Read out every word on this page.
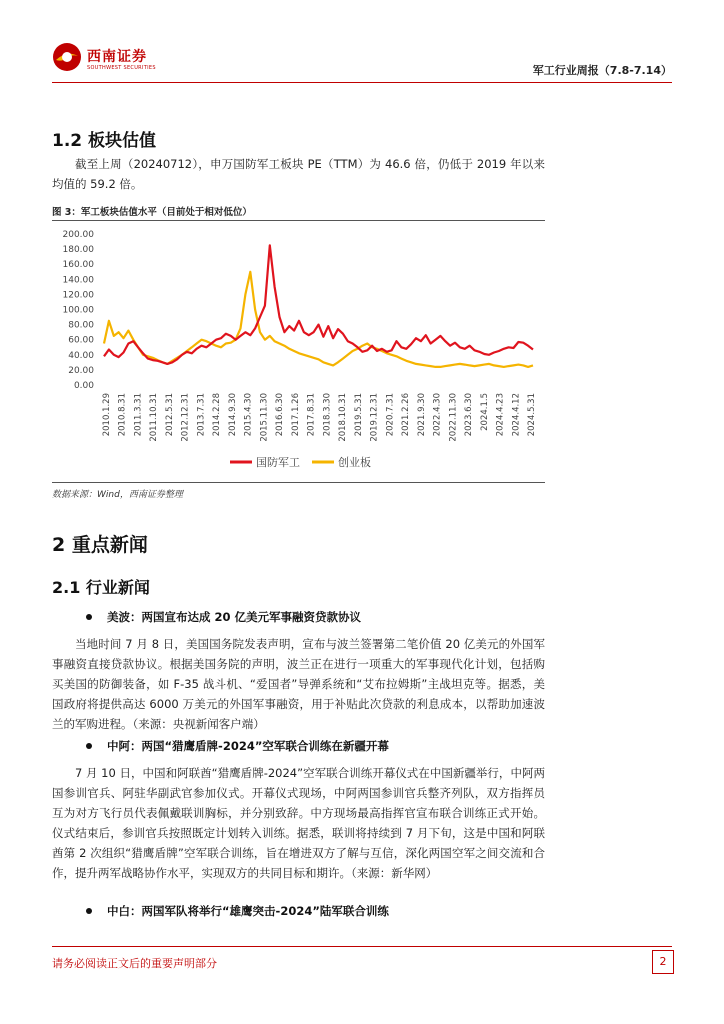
西南证券
SOUTHWEST SECURITIES	军工行业周报（7.8-7.14）
1.2 板块估值
截至上周（20240712），申万国防军工板块 PE（TTM）为 46.6 倍，仍低于 2019 年以来均值的 59.2 倍。
图 3：军工板块估值水平（目前处于相对低位）
200.00
180.00
160.00
140.00
120.00
100.00
80.00
60.00
40.00
20.00
0.00
2010.1.29 2010.8.31 2011.3.31 2011.10.31 2012.5.31 2012.12.31 2013.7.31 2014.2.28 2014.9.30 2015.4.30 2015.11.30 2016.6.30 2017.1.26 2017.8.31 2018.3.30 2018.10.31 2019.5.31 2019.12.31 2020.7.31 2021.2.26 2021.9.30 2022.4.30 2022.11.30 2023.6.30 2024.1.5 2024.4.23 2024.4.12 2024.5.31
国防军工	创业板
数据来源：Wind，西南证券整理
2 重点新闻
2.1 行业新闻
美波：两国宣布达成 20 亿美元军事融资贷款协议
当地时间 7 月 8 日，美国国务院发表声明，宣布与波兰签署第二笔价值 20 亿美元的外国军事融资直接贷款协议。根据美国务院的声明，波兰正在进行一项重大的军事现代化计划，包括购买美国的防御装备，如 F-35 战斗机、“爱国者”导弹系统和“艾布拉姆斯”主战坦克等。据悉，美国政府将提供高达 6000 万美元的外国军事融资，用于补贴此次贷款的利息成本，以帮助加速波兰的军购进程。（来源：央视新闻客户端）
中阿：两国“猎鹰盾牌-2024”空军联合训练在新疆开幕
7 月 10 日，中国和阿联酋“猎鹰盾牌-2024”空军联合训练开幕仪式在中国新疆举行，中阿两国参训官兵、阿驻华副武官参加仪式。开幕仪式现场，中阿两国参训官兵整齐列队，双方指挥员互为对方飞行员代表佩戴联训胸标，并分别致辞。中方现场最高指挥官宣布联合训练正式开始。仪式结束后，参训官兵按照既定计划转入训练。据悉，联训将持续到 7 月下旬，这是中国和阿联酋第 2 次组织“猎鹰盾牌”空军联合训练，旨在增进双方了解与互信，深化两国空军之间交流和合作，提升两军战略协作水平，实现双方的共同目标和期许。（来源：新华网）
中白：两国军队将举行“雄鹰突击-2024”陆军联合训练
请务必阅读正文后的重要声明部分	2
